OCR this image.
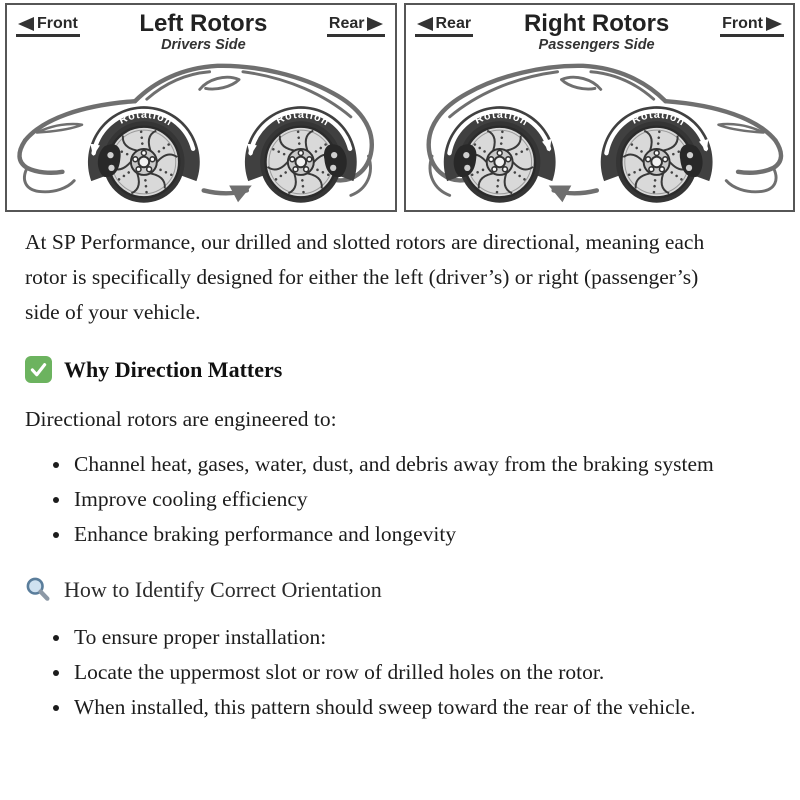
Front	Left Rotors
Drivers Side
Rear
Rotation	Rotation
Rear Right Rotors
Passengers Side
Front
Rotation	Rotation

At SP Performance, our drilled and slotted rotors are directional, meaning each rotor is specifically designed for either the left (driver’s) or right (passenger’s) side of your vehicle.

Why Direction Matters

Directional rotors are engineered to:

• Channel heat, gases, water, dust, and debris away from the braking system
• Improve cooling efficiency
• Enhance braking performance and longevity
How to Identify Correct Orientation
• To ensure proper installation:
• Locate the uppermost slot or row of drilled holes on the rotor.
• When installed, this pattern should sweep toward the rear of the vehicle.
